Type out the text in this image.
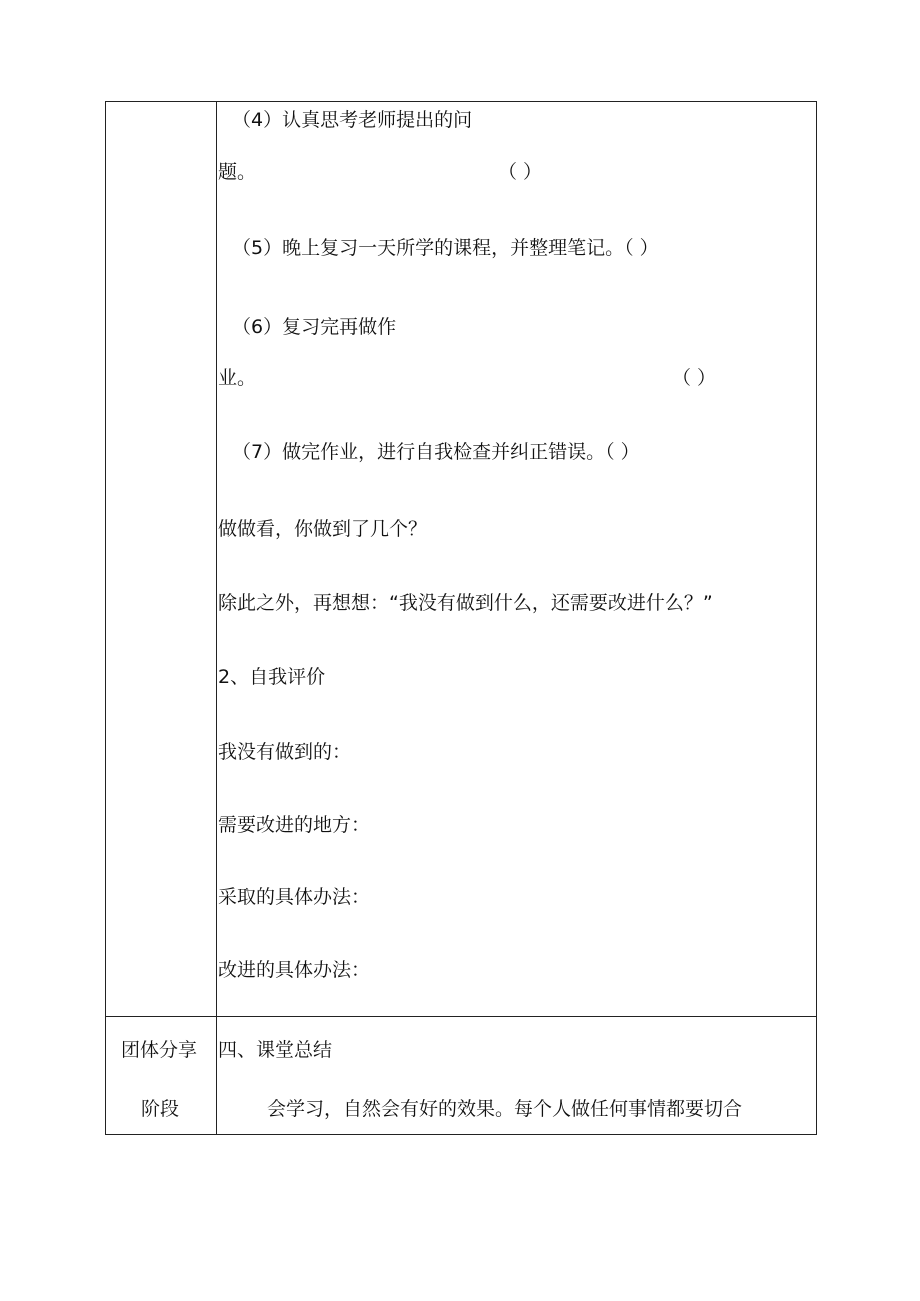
（4）认真思考老师提出的问
题。	（ ）
（5）晚上复习一天所学的课程，并整理笔记。（ ）
（6）复习完再做作
业。	（ ）
（7）做完作业，进行自我检查并纠正错误。（ ）
做做看，你做到了几个？
除此之外，再想想：“我没有做到什么，还需要改进什么？”
2、自我评价
我没有做到的：
需要改进的地方：
采取的具体办法：
改进的具体办法：
团体分享
阶段
四、课堂总结
会学习，自然会有好的效果。每个人做任何事情都要切合
